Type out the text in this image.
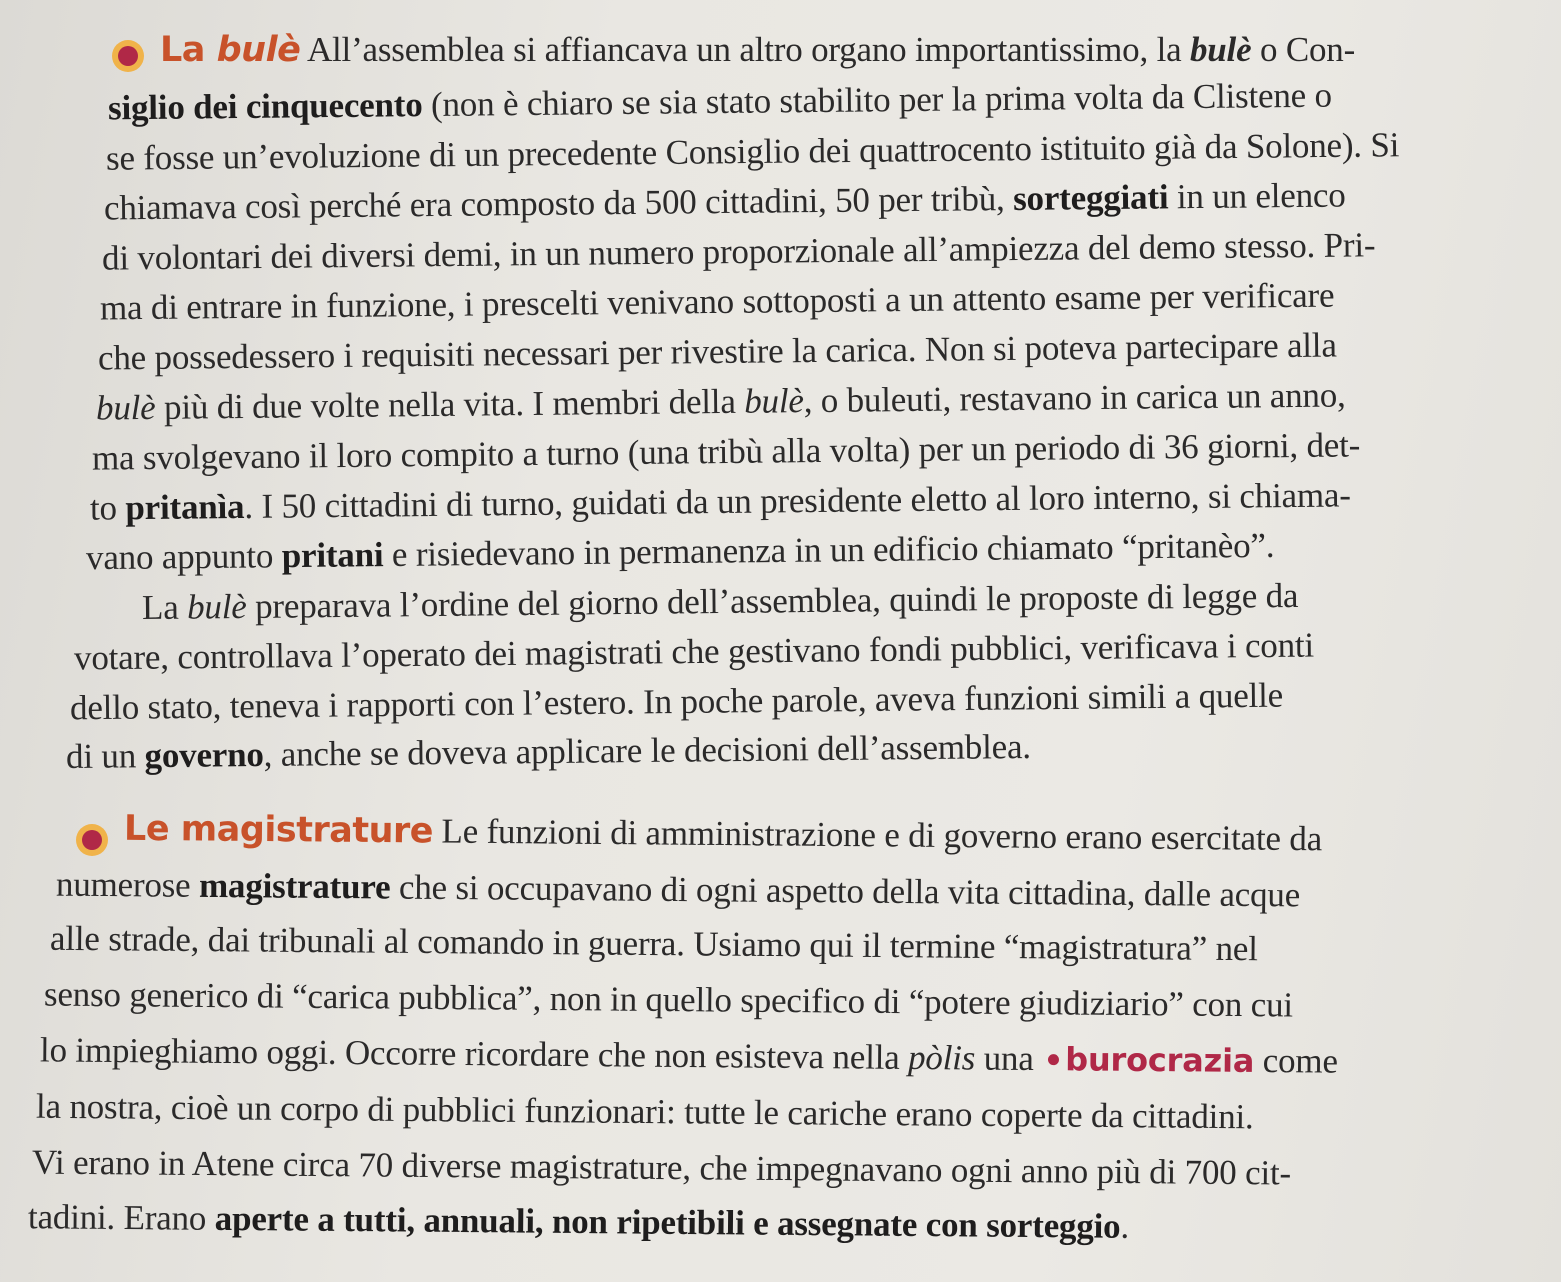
La bulè All’assemblea si affiancava un altro organo importantissimo, la bulè o Con-
siglio dei cinquecento (non è chiaro se sia stato stabilito per la prima volta da Clistene o
se fosse un’evoluzione di un precedente Consiglio dei quattrocento istituito già da Solone). Si
chiamava così perché era composto da 500 cittadini, 50 per tribù, sorteggiati in un elenco
di volontari dei diversi demi, in un numero proporzionale all’ampiezza del demo stesso. Pri-
ma di entrare in funzione, i prescelti venivano sottoposti a un attento esame per verificare
che possedessero i requisiti necessari per rivestire la carica. Non si poteva partecipare alla
bulè più di due volte nella vita. I membri della bulè, o buleuti, restavano in carica un anno,
ma svolgevano il loro compito a turno (una tribù alla volta) per un periodo di 36 giorni, det-
to pritanìa. I 50 cittadini di turno, guidati da un presidente eletto al loro interno, si chiama-
vano appunto pritani e risiedevano in permanenza in un edificio chiamato “pritanèo”.
La bulè preparava l’ordine del giorno dell’assemblea, quindi le proposte di legge da
votare, controllava l’operato dei magistrati che gestivano fondi pubblici, verificava i conti
dello stato, teneva i rapporti con l’estero. In poche parole, aveva funzioni simili a quelle
di un governo, anche se doveva applicare le decisioni dell’assemblea.
Le magistrature Le funzioni di amministrazione e di governo erano esercitate da
numerose magistrature che si occupavano di ogni aspetto della vita cittadina, dalle acque
alle strade, dai tribunali al comando in guerra. Usiamo qui il termine “magistratura” nel
senso generico di “carica pubblica”, non in quello specifico di “potere giudiziario” con cui
lo impieghiamo oggi. Occorre ricordare che non esisteva nella pòlis una burocrazia come
la nostra, cioè un corpo di pubblici funzionari: tutte le cariche erano coperte da cittadini.
Vi erano in Atene circa 70 diverse magistrature, che impegnavano ogni anno più di 700 cit-
tadini. Erano aperte a tutti, annuali, non ripetibili e assegnate con sorteggio.
